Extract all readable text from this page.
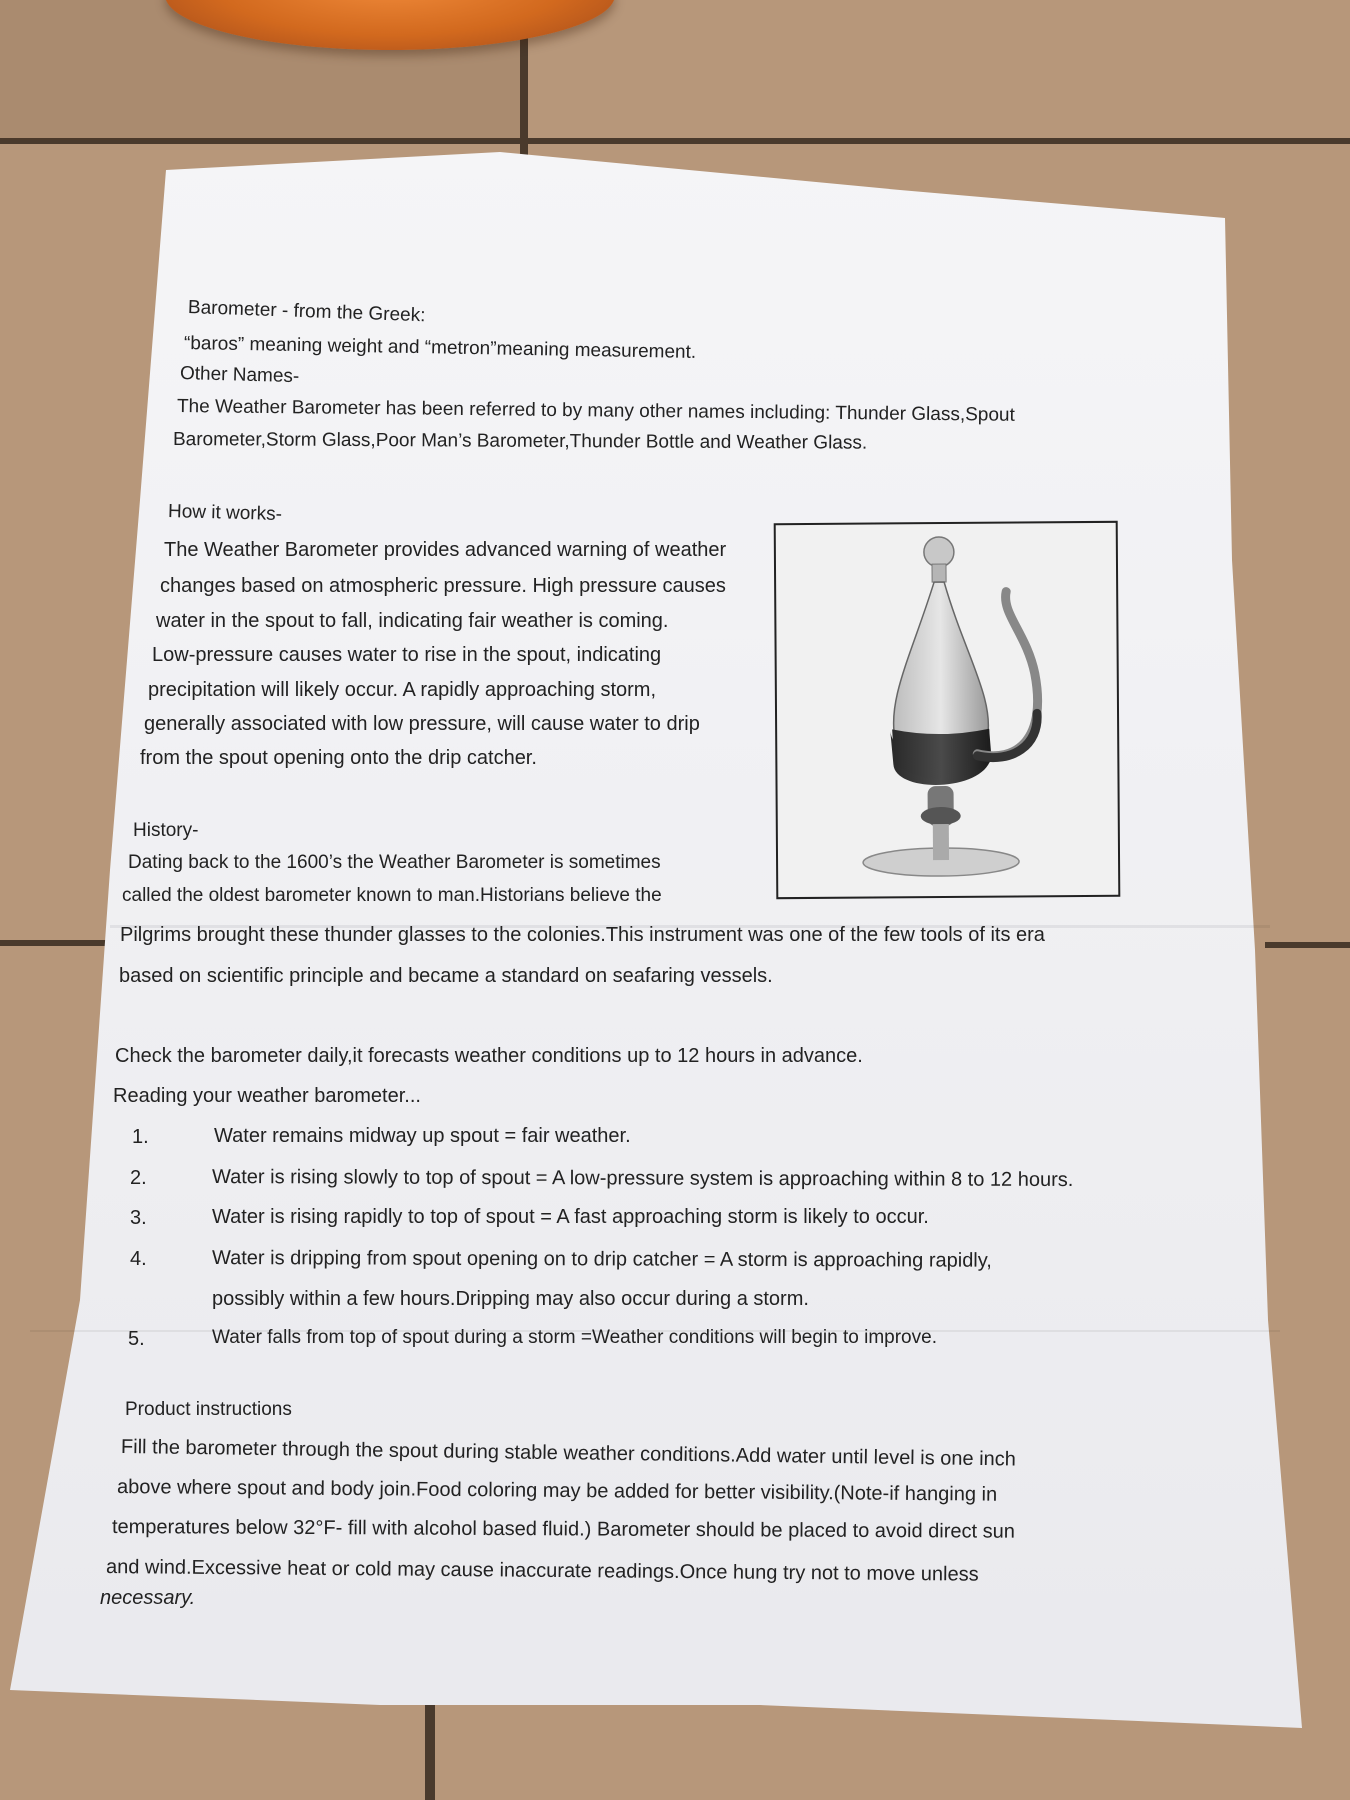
Barometer - from the Greek:
“baros” meaning weight and “metron”meaning measurement.
Other Names-
The Weather Barometer has been referred to by many other names including: Thunder Glass,Spout
Barometer,Storm Glass,Poor Man’s Barometer,Thunder Bottle and Weather Glass.
How it works-
The Weather Barometer provides advanced warning of weather
changes based on atmospheric pressure. High pressure causes
water in the spout to fall, indicating fair weather is coming.
Low-pressure causes water to rise in the spout, indicating
precipitation will likely occur. A rapidly approaching storm,
generally associated with low pressure, will cause water to drip
from the spout opening onto the drip catcher.
History-
Dating back to the 1600’s the Weather Barometer is sometimes
called the oldest barometer known to man.Historians believe the
Pilgrims brought these thunder glasses to the colonies.This instrument was one of the few tools of its era
based on scientific principle and became a standard on seafaring vessels.
Check the barometer daily,it forecasts weather conditions up to 12 hours in advance.
Reading your weather barometer...
1.	Water remains midway up spout = fair weather.
2.	Water is rising slowly to top of spout = A low-pressure system is approaching within 8 to 12 hours.
3.	Water is rising rapidly to top of spout = A fast approaching storm is likely to occur.
4.	Water is dripping from spout opening on to drip catcher = A storm is approaching rapidly,
possibly within a few hours.Dripping may also occur during a storm.
5.	Water falls from top of spout during a storm =Weather conditions will begin to improve.
Product instructions
Fill the barometer through the spout during stable weather conditions.Add water until level is one inch
above where spout and body join.Food coloring may be added for better visibility.(Note-if hanging in
temperatures below 32°F- fill with alcohol based fluid.) Barometer should be placed to avoid direct sun
and wind.Excessive heat or cold may cause inaccurate readings.Once hung try not to move unless
necessary.
